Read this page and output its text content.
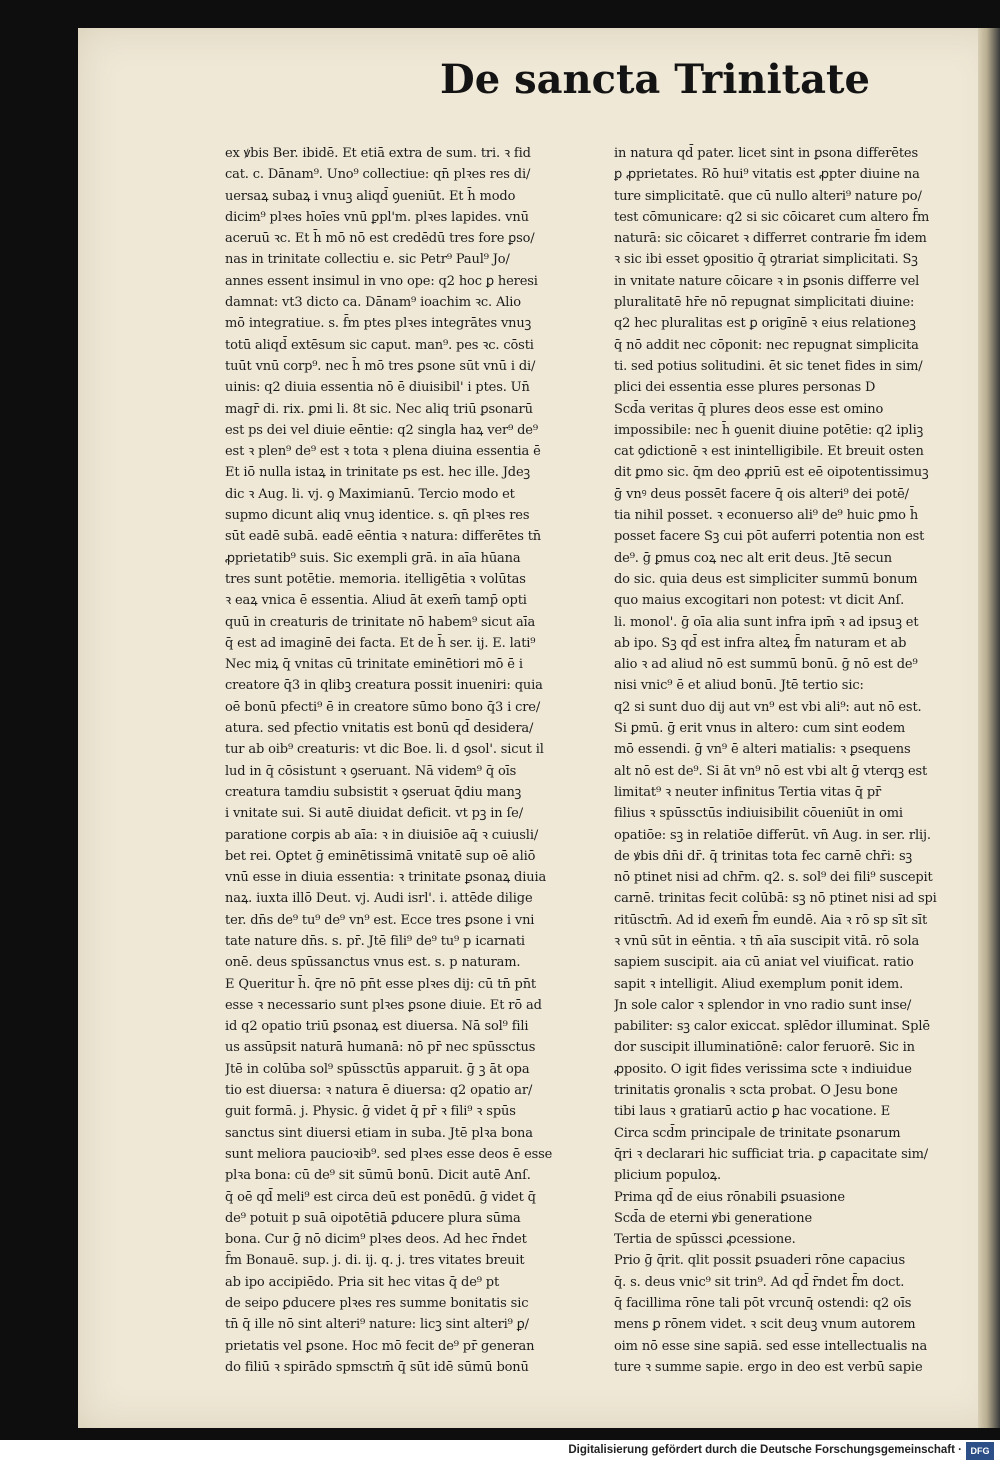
De sancta Trinitate
ex ꝟbis Ber. ibidē. Et etiā extra de sum. tri. ꝛ fid
cat. c. Dānam⁹. Uno⁹ collectiue: qn̄ plꝛes res di/
uersaꝝ subaꝝ i vnuꝫ aliqd̄ ꝯueniūt. Et h̄ modo
dicim⁹ plꝛes hoīes vnū ꝑpl'm. plꝛes lapides. vnū
aceruū ꝛc. Et h̄ mō nō est credēdū tres fore ꝑso/
nas in trinitate collectiu e. sic Petr⁹ Paul⁹ Jo/
annes essent insimul in vno ope: q2 hoc ꝑ heresi
damnat: vt3 dicto ca. Dānam⁹ ioachim ꝛc. Alio
mō integratiue. s. f̄m ptes plꝛes integrātes vnuꝫ
totū aliqd̄ extēsum sic caput. man⁹. pes ꝛc. cōsti
tuūt vnū corp⁹. nec h̄ mō tres ꝑsone sūt vnū i di/
uinis: q2 diuia essentia nō ē diuisibil' i ptes. Un̄
magr̄ di. rix. ꝑmi li. 8t sic. Nec aliq triū ꝑsonarū
est ps dei vel diuie eēntie: q2 singla haꝝ ver⁹ de⁹
est ꝛ plen⁹ de⁹ est ꝛ tota ꝛ plena diuina essentia ē
Et iō nulla istaꝝ in trinitate ps est. hec ille. Jdeꝫ
dic ꝛ Aug. li. vj. ꝯ Maximianū. Tercio modo et
supmo dicunt aliq vnuꝫ identice. s. qn̄ plꝛes res
sūt eadē subā. eadē eēntia ꝛ natura: differētes tn̄
ꝓprietatib⁹ suis. Sic exempli grā. in aīa hūana
tres sunt potētie. memoria. itelligētia ꝛ volūtas
ꝛ eaꝝ vnica ē essentia. Aliud āt exem̄ tamp̄ opti
quū in creaturis de trinitate nō habem⁹ sicut aīa
q̄ est ad imaginē dei facta. Et de h̄ ser. ij. E. lati⁹
Nec miꝝ q̄ vnitas cū trinitate eminētiori mō ē i
creatore q̄3 in qlibꝫ creatura possit inueniri: quia
oē bonū pfecti⁹ ē in creatore sūmo bono q̄3 i cre/
atura. sed pfectio vnitatis est bonū qd̄ desidera/
tur ab oib⁹ creaturis: vt dic Boe. li. d ꝯsol'. sicut il
lud in q̄ cōsistunt ꝛ ꝯseruant. Nā videm⁹ q̄ oīs
creatura tamdiu subsistit ꝛ ꝯseruat q̄diu manꝫ
i vnitate sui. Si autē diuidat deficit. vt pꝫ in ſe/
paratione corꝑis ab aīa: ꝛ in diuisiōe aq̄ ꝛ cuiusli/
bet rei. Oꝑtet ḡ eminētissimā vnitatē sup oē aliō
vnū esse in diuia essentia: ꝛ trinitate ꝑsonaꝝ diuia
naꝝ. iuxta illō Deut. vj. Audi isrl'. i. attēde dilige
ter. dn̄s de⁹ tu⁹ de⁹ vn⁹ est. Ecce tres ꝑsone i vni
tate nature dn̄s. s. pr̄. Jtē fili⁹ de⁹ tu⁹ p icarnati
onē. deus spūssanctus vnus est. s. p naturam.
E Queritur h̄. q̄re nō pn̄t esse plꝛes dij: cū tn̄ pn̄t
esse ꝛ necessario sunt plꝛes ꝑsone diuie. Et rō ad
id q2 opatio triū ꝑsonaꝝ est diuersa. Nā sol⁹ fili
us assūpsit naturā humanā: nō pr̄ nec spūssctus
Jtē in colūba sol⁹ spūssctūs apparuit. ḡ ꝫ āt opa
tio est diuersa: ꝛ natura ē diuersa: q2 opatio ar/
guit formā. j. Physic. ḡ videt q̄ pr̄ ꝛ fili⁹ ꝛ spūs
sanctus sint diuersi etiam in suba. Jtē plꝛa bona
sunt meliora paucioꝛib⁹. sed plꝛes esse deos ē esse
plꝛa bona: cū de⁹ sit sūmū bonū. Dicit autē Anſ.
q̄ oē qd̄ meli⁹ est circa deū est ponēdū. ḡ videt q̄
de⁹ potuit p suā oipotētiā ꝑducere plura sūma
bona. Cur ḡ nō dicim⁹ plꝛes deos. Ad hec r̄ndet
f̄m Bonauē. sup. j. di. ij. q. j. tres vitates breuit
ab ipo accipiēdo. Pria sit hec vitas q̄ de⁹ pt
de seipo ꝑducere plꝛes res summe bonitatis sic
tn̄ q̄ ille nō sint alteri⁹ nature: licꝫ sint alteri⁹ ꝑ/
prietatis vel ꝑsone. Hoc mō fecit de⁹ pr̄ generan
do filiū ꝛ spirādo spmsctm̄ q̄ sūt idē sūmū bonū
in natura qd̄ pater. licet sint in ꝑsona differētes
ꝑ ꝓprietates. Rō hui⁹ vitatis est ꝓpter diuine na
ture simplicitatē. que cū nullo alteri⁹ nature po/
test cōmunicare: q2 si sic cōicaret cum altero f̄m
naturā: sic cōicaret ꝛ differret contrarie f̄m idem
ꝛ sic ibi esset ꝯpositio q̄ ꝯtrariat simplicitati. Sꝫ
in vnitate nature cōicare ꝛ in ꝑsonis differre vel
pluralitatē hr̄e nō repugnat simplicitati diuine:
q2 hec pluralitas est ꝑ origīnē ꝛ eius relationeꝫ
q̄ nō addit nec cōponit: nec repugnat simplicita
ti. sed potius solitudini. ēt sic tenet fides in sim/
plici dei essentia esse plures personas D
Scd̄a veritas q̄ plures deos esse est omino
impossibile: nec h̄ ꝯuenit diuine potētie: q2 ipliꝫ
cat ꝯdictionē ꝛ est inintelligibile. Et breuit osten
dit ꝑmo sic. q̄m deo ꝓpriū est eē oipotentissimuꝫ
ḡ vnꝰ deus possēt facere q̄ ois alteri⁹ dei potē/
tia nihil posset. ꝛ econuerso ali⁹ de⁹ huic ꝑmo h̄
posset facere Sꝫ cui pōt auferri potentia non est
de⁹. ḡ ꝑmus coꝝ nec alt erit deus. Jtē secun
do sic. quia deus est simpliciter summū bonum
quo maius excogitari non potest: vt dicit Anſ.
li. monol'. ḡ oīa alia sunt infra ipm̄ ꝛ ad ipsuꝫ et
ab ipo. Sꝫ qd̄ est infra alteꝝ f̄m naturam et ab
alio ꝛ ad aliud nō est summū bonū. ḡ nō est de⁹
nisi vnic⁹ ē et aliud bonū. Jtē tertio sic:
q2 si sunt duo dij aut vn⁹ est vbi ali⁹: aut nō est.
Si ꝑmū. ḡ erit vnus in altero: cum sint eodem
mō essendi. ḡ vn⁹ ē alteri matialis: ꝛ ꝑsequens
alt nō est de⁹. Si āt vn⁹ nō est vbi alt ḡ vterqꝫ est
limitat⁹ ꝛ neuter infinitus Tertia vitas q̄ pr̄
filius ꝛ spūssctūs indiuisibilit cōueniūt in omi
opatiōe: sꝫ in relatiōe differūt. vn̄ Aug. in ser. rlij.
de ꝟbis dn̄i dr̄. q̄ trinitas tota fec carnē chr̄i: sꝫ
nō ptinet nisi ad chr̄m. q2. s. sol⁹ dei fili⁹ suscepit
carnē. trinitas fecit colūbā: sꝫ nō ptinet nisi ad spi
ritūsctm̄. Ad id exem̄ f̄m eundē. Aia ꝛ rō sp sīt sīt
ꝛ vnū sūt in eēntia. ꝛ tn̄ aīa suscipit vitā. rō sola
sapiem suscipit. aia cū aniat vel viuificat. ratio
sapit ꝛ intelligit. Aliud exemplum ponit idem.
Jn sole calor ꝛ splendor in vno radio sunt inse/
pabiliter: sꝫ calor exiccat. splēdor illuminat. Splē
dor suscipit illuminatiōnē: calor feruorē. Sic in
ꝓposito. O igit fides verissima scte ꝛ indiuidue
trinitatis ꝯronalis ꝛ scta probat. O Jesu bone
tibi laus ꝛ gratiarū actio ꝑ hac vocatione. E
Circa scd̄m principale de trinitate ꝑsonarum
q̄ri ꝛ declarari hic sufficiat tria. ꝑ capacitate sim/
plicium populoꝝ.
Prima qd̄ de eius rōnabili ꝑsuasione
Scd̄a de eterni ꝟbi generatione
Tertia de spūssci ꝓcessione.
Prio ḡ q̄rit. qlit possit ꝑsuaderi rōne capacius
q̄. s. deus vnic⁹ sit trin⁹. Ad qd̄ r̄ndet f̄m doct.
q̄ facillima rōne tali pōt vrcunq̄ ostendi: q2 oīs
mens ꝑ rōnem videt. ꝛ scit deuꝫ vnum autorem
oim nō esse sine sapiā. sed esse intellectualis na
ture ꝛ summe sapie. ergo in deo est verbū sapie
Digitalisierung gefördert durch die Deutsche Forschungsgemeinschaft · DFG
